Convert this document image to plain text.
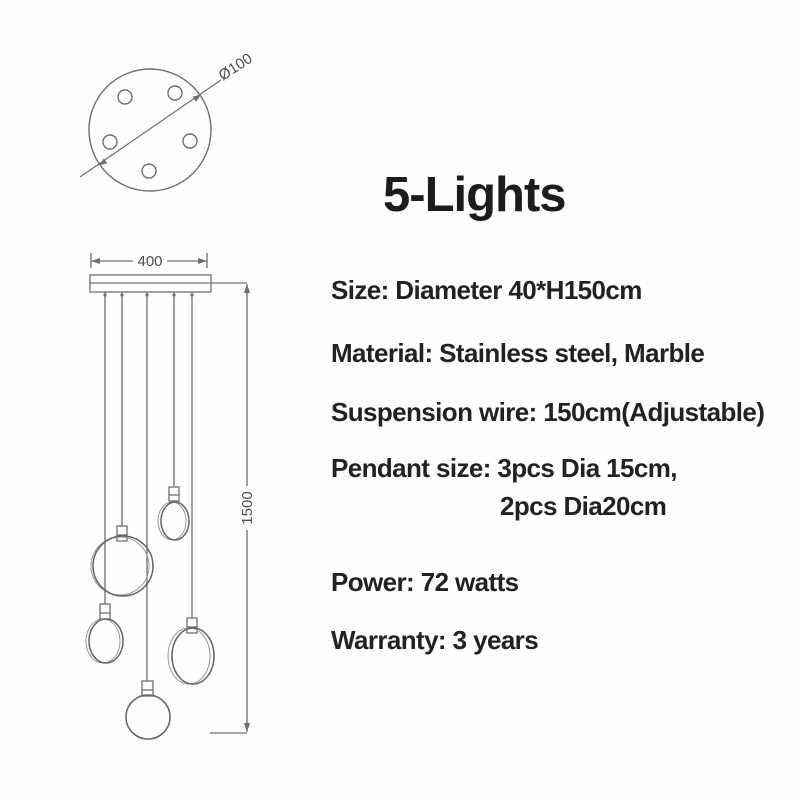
Ø100
400
1500
5-Lights
Size: Diameter 40*H150cm
Material: Stainless steel, Marble
Suspension wire: 150cm(Adjustable)
Pendant size: 3pcs Dia 15cm,
2pcs Dia20cm
Power: 72 watts
Warranty: 3 years
